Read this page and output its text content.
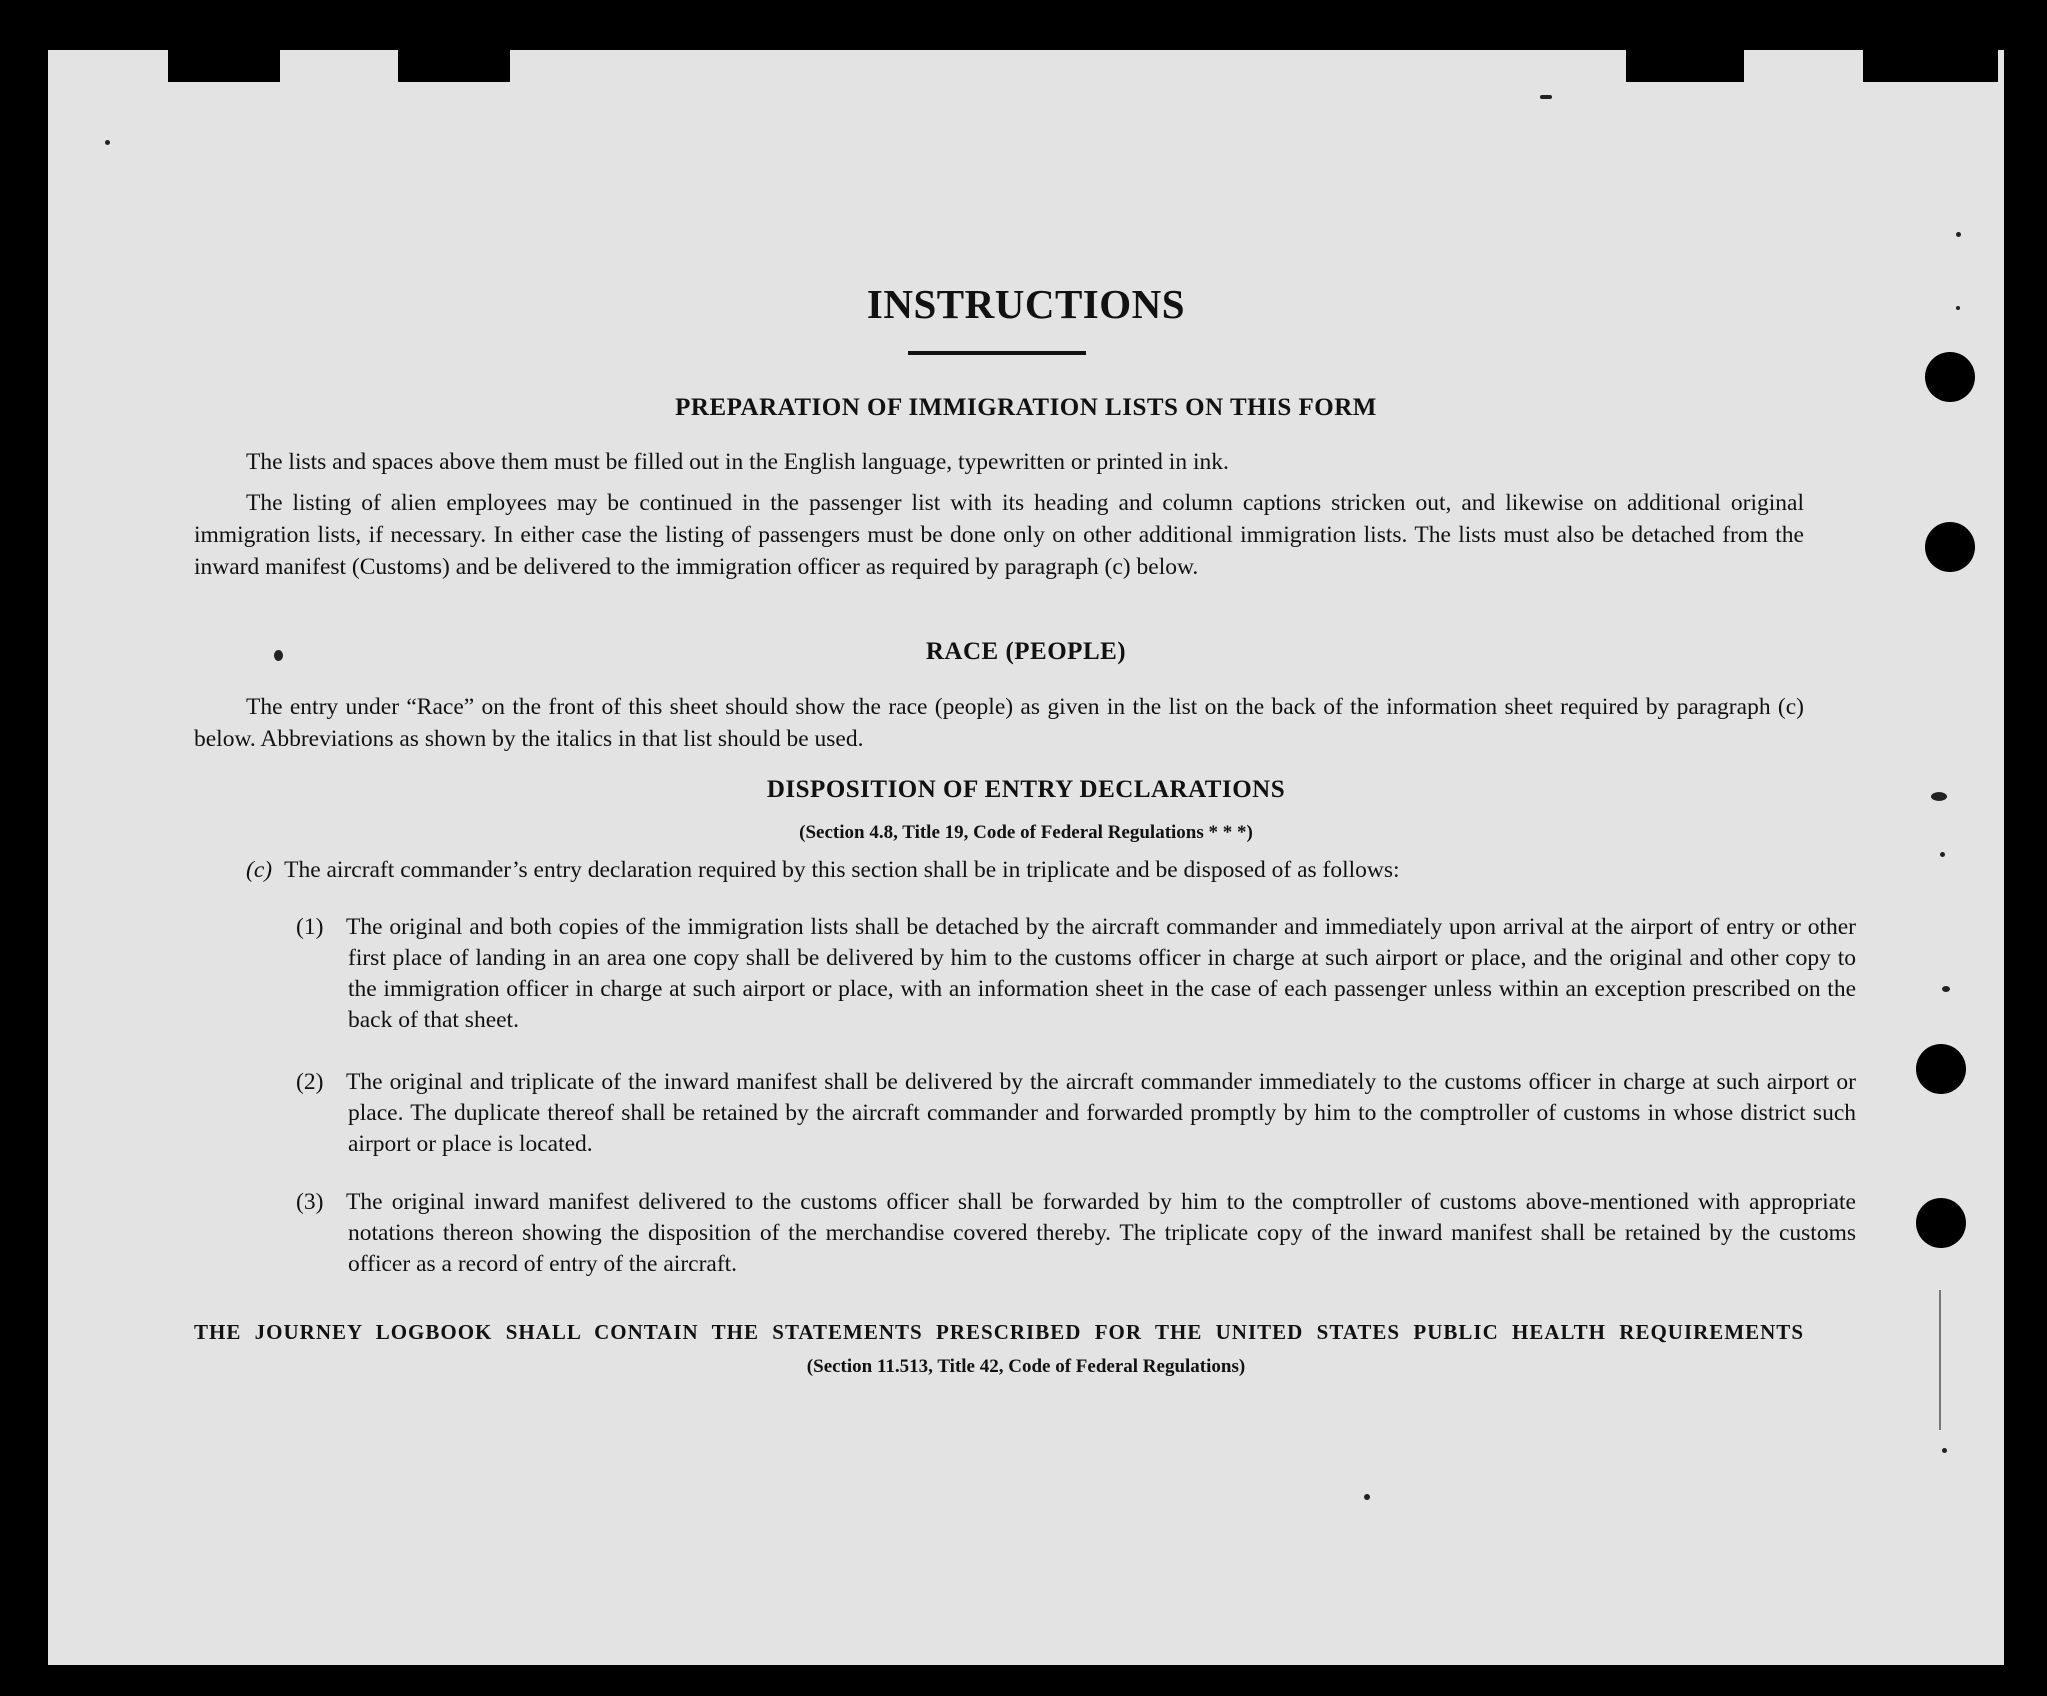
INSTRUCTIONS
PREPARATION OF IMMIGRATION LISTS ON THIS FORM

The lists and spaces above them must be filled out in the English language, typewritten or printed in ink.

The listing of alien employees may be continued in the passenger list with its heading and column captions stricken out, and likewise on additional original immigration lists, if necessary. In either case the listing of passengers must be done only on other additional immigration lists. The lists must also be detached from the inward manifest (Customs) and be delivered to the immigration officer as required by paragraph (c) below.

RACE (PEOPLE)

The entry under “Race” on the front of this sheet should show the race (people) as given in the list on the back of the information sheet required by paragraph (c) below. Abbreviations as shown by the italics in that list should be used.

DISPOSITION OF ENTRY DECLARATIONS
(Section 4.8, Title 19, Code of Federal Regulations * * *)

(c) The aircraft commander’s entry declaration required by this section shall be in triplicate and be disposed of as follows:

(1) The original and both copies of the immigration lists shall be detached by the aircraft commander and immediately upon arrival at the airport of entry or other first place of landing in an area one copy shall be delivered by him to the customs officer in charge at such airport or place, and the original and other copy to the immigration officer in charge at such airport or place, with an information sheet in the case of each passenger unless within an exception prescribed on the back of that sheet.

(2) The original and triplicate of the inward manifest shall be delivered by the aircraft commander immediately to the customs officer in charge at such airport or place. The duplicate thereof shall be retained by the aircraft commander and forwarded promptly by him to the comptroller of customs in whose district such airport or place is located.

(3) The original inward manifest delivered to the customs officer shall be forwarded by him to the comptroller of customs above-mentioned with appropriate notations thereon showing the disposition of the merchandise covered thereby. The triplicate copy of the inward manifest shall be retained by the customs officer as a record of entry of the aircraft.

THE JOURNEY LOGBOOK SHALL CONTAIN THE STATEMENTS PRESCRIBED FOR THE UNITED STATES PUBLIC HEALTH REQUIREMENTS
(Section 11.513, Title 42, Code of Federal Regulations)
